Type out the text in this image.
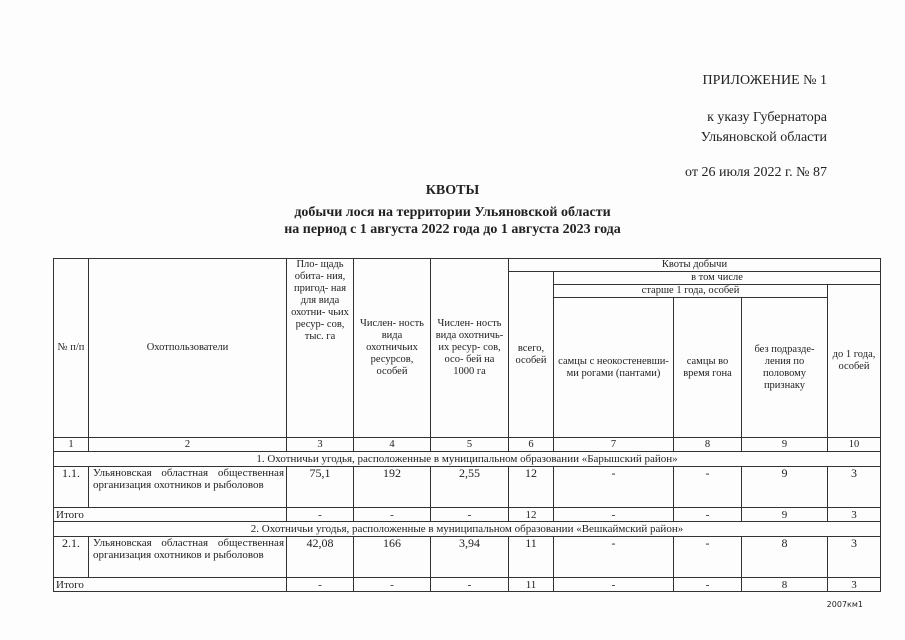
ПРИЛОЖЕНИЕ № 1
к указу Губернатора
Ульяновской области
от 26 июля 2022 г. № 87
КВОТЫ
добычи лося на территории Ульяновской области
на период с 1 августа 2022 года до 1 августа 2023 года
№ п/п	Охотпользователи	Пло- щадь обита- ния, пригод- ная для вида охотни- чьих ресур- сов, тыс. га	Числен- ность вида охотничьих ресурсов, особей	Числен- ность вида охотничь- их ресур- сов, осо- бей на 1000 га	Квоты добычи				
					всего, особей	в том числе			
						старше 1 года, особей			до 1 года, особей
						самцы с неокостеневши- ми рогами (пантами)	самцы во время гона	без подразде- ления по половому признаку	
1	2	3	4	5	6	7	8	9	10
1. Охотничьи угодья, расположенные в муниципальном образовании «Барышский район»									
1.1.	Ульяновская областная общественная организация охотников и рыболовов	75,1	192	2,55	12	-	-	9	3
Итого		-	-	-	12	-	-	9	3
2. Охотничьи угодья, расположенные в муниципальном образовании «Вешкаймский район»									
2.1.	Ульяновская областная общественная организация охотников и рыболовов	42,08	166	3,94	11	-	-	8	3
Итого		-	-	-	11	-	-	8	3
2007км1
